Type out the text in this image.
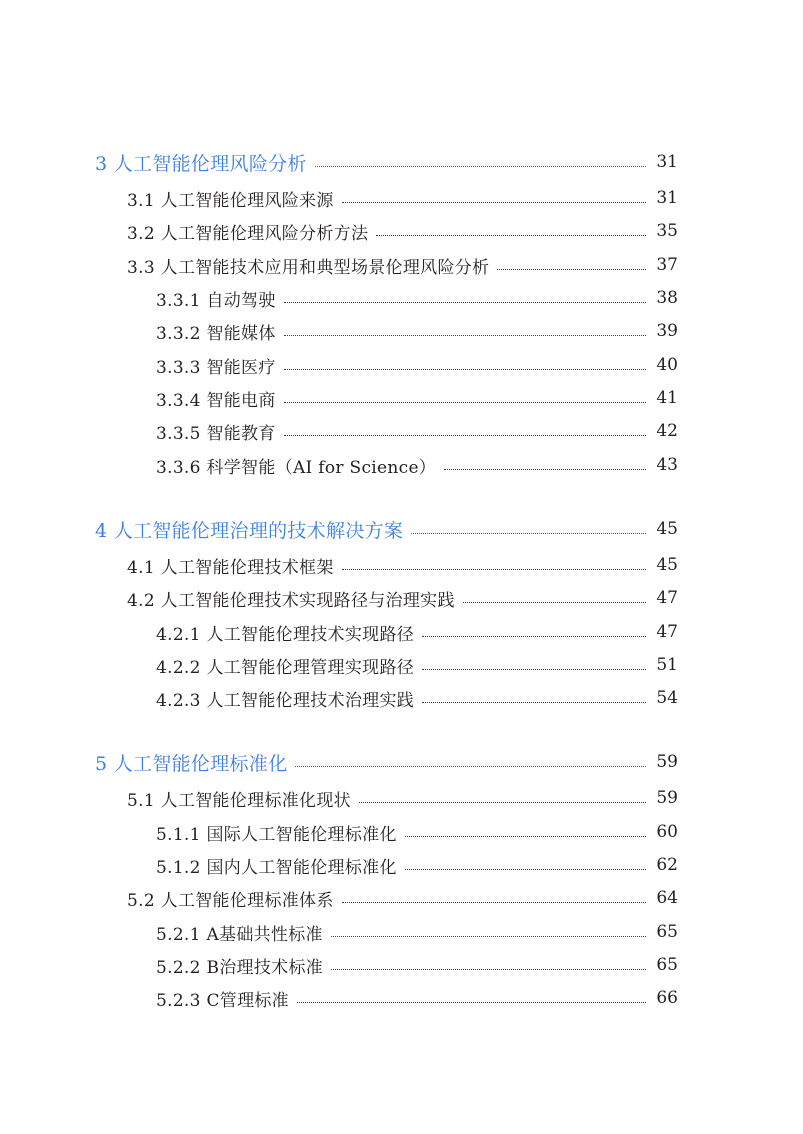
3 人工智能伦理风险分析	31
3.1 人工智能伦理风险来源	31
3.2 人工智能伦理风险分析方法	35
3.3 人工智能技术应用和典型场景伦理风险分析	37
3.3.1 自动驾驶	38
3.3.2 智能媒体	39
3.3.3 智能医疗	40
3.3.4 智能电商	41
3.3.5 智能教育	42
3.3.6 科学智能（AI for Science）	43
4 人工智能伦理治理的技术解决方案	45
4.1 人工智能伦理技术框架	45
4.2 人工智能伦理技术实现路径与治理实践	47
4.2.1 人工智能伦理技术实现路径	47
4.2.2 人工智能伦理管理实现路径	51
4.2.3 人工智能伦理技术治理实践	54
5 人工智能伦理标准化	59
5.1 人工智能伦理标准化现状	59
5.1.1 国际人工智能伦理标准化	60
5.1.2 国内人工智能伦理标准化	62
5.2 人工智能伦理标准体系	64
5.2.1 A基础共性标准	65
5.2.2 B治理技术标准	65
5.2.3 C管理标准	66
